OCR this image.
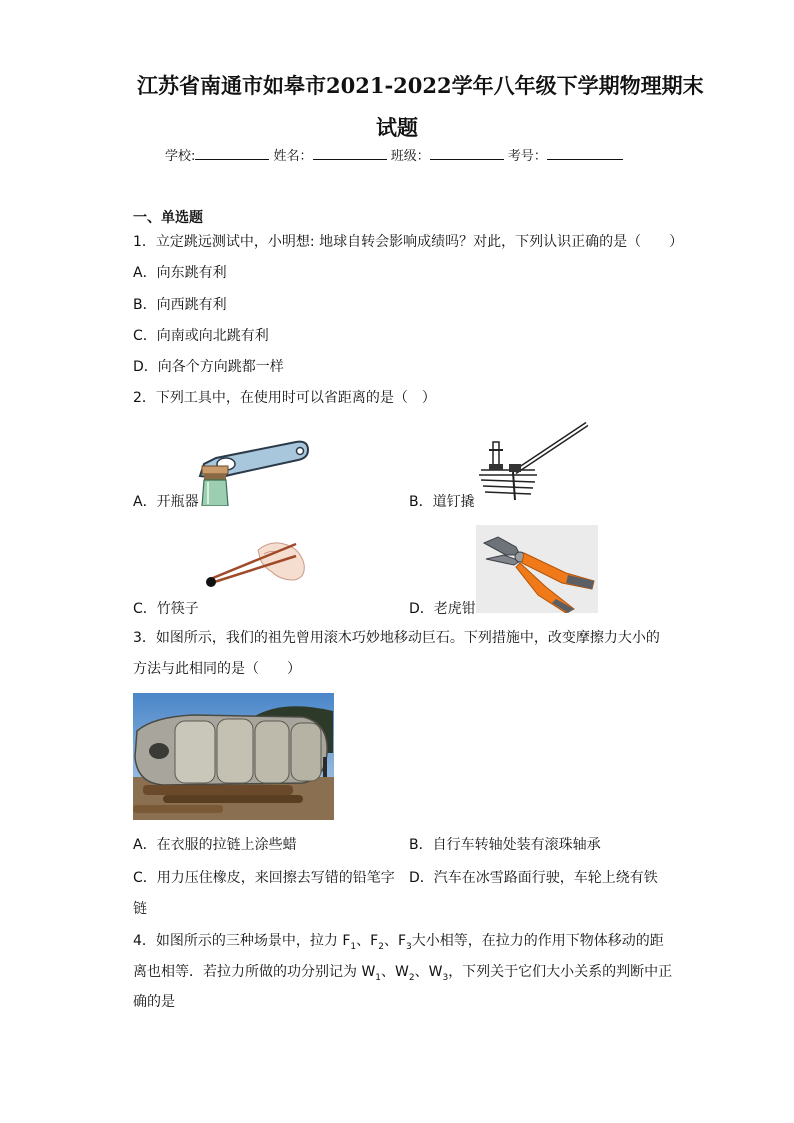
江苏省南通市如皋市2021-2022学年八年级下学期物理期末
试题
学校:	姓名：	班级：	考号：
一、单选题
1．立定跳远测试中，小明想: 地球自转会影响成绩吗？对此，下列认识正确的是（　　）
A．向东跳有利
B．向西跳有利
C．向南或向北跳有利
D．向各个方向跳都一样
2．下列工具中，在使用时可以省距离的是（　）
A．开瓶器	B．道钉撬
C．竹筷子	D．老虎钳
3．如图所示，我们的祖先曾用滚木巧妙地移动巨石。下列措施中，改变摩擦力大小的
方法与此相同的是（　　）
A．在衣服的拉链上涂些蜡	B．自行车转轴处装有滚珠轴承
C．用力压住橡皮，来回擦去写错的铅笔字 D．汽车在冰雪路面行驶，车轮上绕有铁
链
4．如图所示的三种场景中，拉力 $F_1$、$F_2$、$F_3$大小相等，在拉力的作用下物体移动的距
离也相等．若拉力所做的功分别记为 $W_1$、$W_2$、$W_3$，下列关于它们大小关系的判断中正
确的是
